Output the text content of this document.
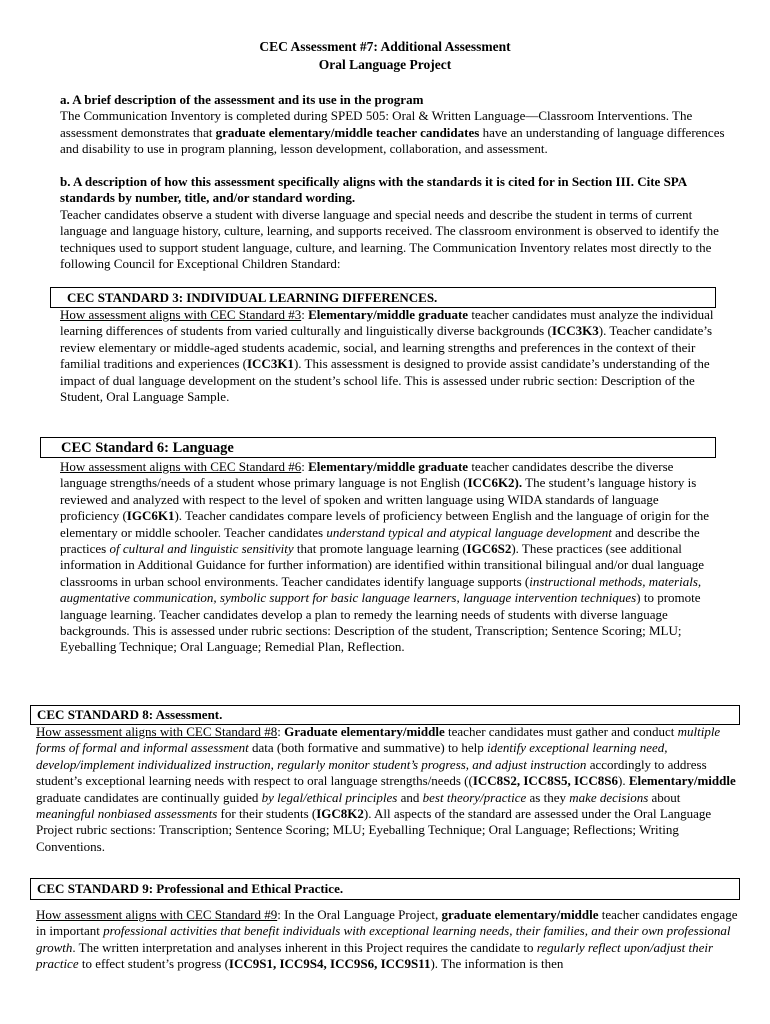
CEC Assessment #7: Additional Assessment
Oral Language Project

a. A brief description of the assessment and its use in the program

The Communication Inventory is completed during SPED 505: Oral & Written Language—Classroom Interventions. The assessment demonstrates that graduate elementary/middle teacher candidates have an understanding of language differences and disability to use in program planning, lesson development, collaboration, and assessment.

b. A description of how this assessment specifically aligns with the standards it is cited for in Section III. Cite SPA standards by number, title, and/or standard wording.

Teacher candidates observe a student with diverse language and special needs and describe the student in terms of current language and language history, culture, learning, and supports received. The classroom environment is observed to identify the techniques used to support student language, culture, and learning. The Communication Inventory relates most directly to the following Council for Exceptional Children Standard:

CEC STANDARD 3: INDIVIDUAL LEARNING DIFFERENCES.

How assessment aligns with CEC Standard #3: Elementary/middle graduate teacher candidates must analyze the individual learning differences of students from varied culturally and linguistically diverse backgrounds (ICC3K3). Teacher candidate’s review elementary or middle-aged students academic, social, and learning strengths and preferences in the context of their familial traditions and experiences (ICC3K1). This assessment is designed to provide assist candidate’s understanding of the impact of dual language development on the student’s school life. This is assessed under rubric section: Description of the Student, Oral Language Sample.

CEC Standard 6: Language

How assessment aligns with CEC Standard #6: Elementary/middle graduate teacher candidates describe the diverse language strengths/needs of a student whose primary language is not English (ICC6K2). The student’s language history is reviewed and analyzed with respect to the level of spoken and written language using WIDA standards of language proficiency (IGC6K1). Teacher candidates compare levels of proficiency between English and the language of origin for the elementary or middle schooler. Teacher candidates understand typical and atypical language development and describe the practices of cultural and linguistic sensitivity that promote language learning (IGC6S2). These practices (see additional information in Additional Guidance for further information) are identified within transitional bilingual and/or dual language classrooms in urban school environments. Teacher candidates identify language supports (instructional methods, materials, augmentative communication, symbolic support for basic language learners, language intervention techniques) to promote language learning. Teacher candidates develop a plan to remedy the learning needs of students with diverse language backgrounds. This is assessed under rubric sections: Description of the student, Transcription; Sentence Scoring; MLU; Eyeballing Technique; Oral Language; Remedial Plan, Reflection.

CEC STANDARD 8: Assessment.

How assessment aligns with CEC Standard #8: Graduate elementary/middle teacher candidates must gather and conduct multiple forms of formal and informal assessment data (both formative and summative) to help identify exceptional learning need, develop/implement individualized instruction, regularly monitor student’s progress, and adjust instruction accordingly to address student’s exceptional learning needs with respect to oral language strengths/needs ((ICC8S2, ICC8S5, ICC8S6). Elementary/middle graduate candidates are continually guided by legal/ethical principles and best theory/practice as they make decisions about meaningful nonbiased assessments for their students (IGC8K2). All aspects of the standard are assessed under the Oral Language Project rubric sections: Transcription; Sentence Scoring; MLU; Eyeballing Technique; Oral Language; Reflections; Writing Conventions.

CEC STANDARD 9: Professional and Ethical Practice.

How assessment aligns with CEC Standard #9: In the Oral Language Project, graduate elementary/middle teacher candidates engage in important professional activities that benefit individuals with exceptional learning needs, their families, and their own professional growth. The written interpretation and analyses inherent in this Project requires the candidate to regularly reflect upon/adjust their practice to effect student’s progress (ICC9S1, ICC9S4, ICC9S6, ICC9S11). The information is then
